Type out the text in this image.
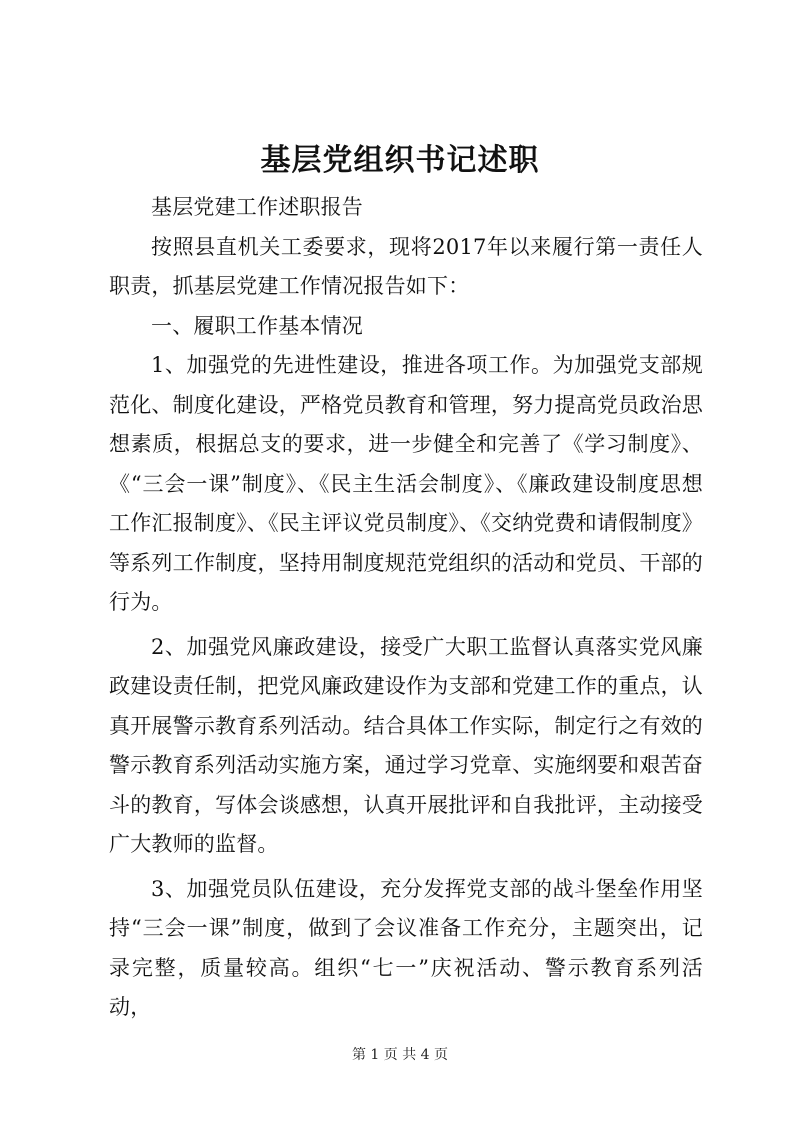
基层党组织书记述职

基层党建工作述职报告

按照县直机关工委要求，现将2017年以来履行第一责任人职责，抓基层党建工作情况报告如下：

一、履职工作基本情况

1、加强党的先进性建设，推进各项工作。为加强党支部规范化、制度化建设，严格党员教育和管理，努力提高党员政治思想素质，根据总支的要求，进一步健全和完善了《学习制度》、《“三会一课”制度》、《民主生活会制度》、《廉政建设制度思想工作汇报制度》、《民主评议党员制度》、《交纳党费和请假制度》等系列工作制度，坚持用制度规范党组织的活动和党员、干部的行为。

2、加强党风廉政建设，接受广大职工监督认真落实党风廉政建设责任制，把党风廉政建设作为支部和党建工作的重点，认真开展警示教育系列活动。结合具体工作实际，制定行之有效的警示教育系列活动实施方案，通过学习党章、实施纲要和艰苦奋斗的教育，写体会谈感想，认真开展批评和自我批评，主动接受广大教师的监督。

3、加强党员队伍建设，充分发挥党支部的战斗堡垒作用坚持“三会一课”制度，做到了会议准备工作充分，主题突出，记录完整，质量较高。组织“七一”庆祝活动、警示教育系列活动，

第 1 页 共 4 页
